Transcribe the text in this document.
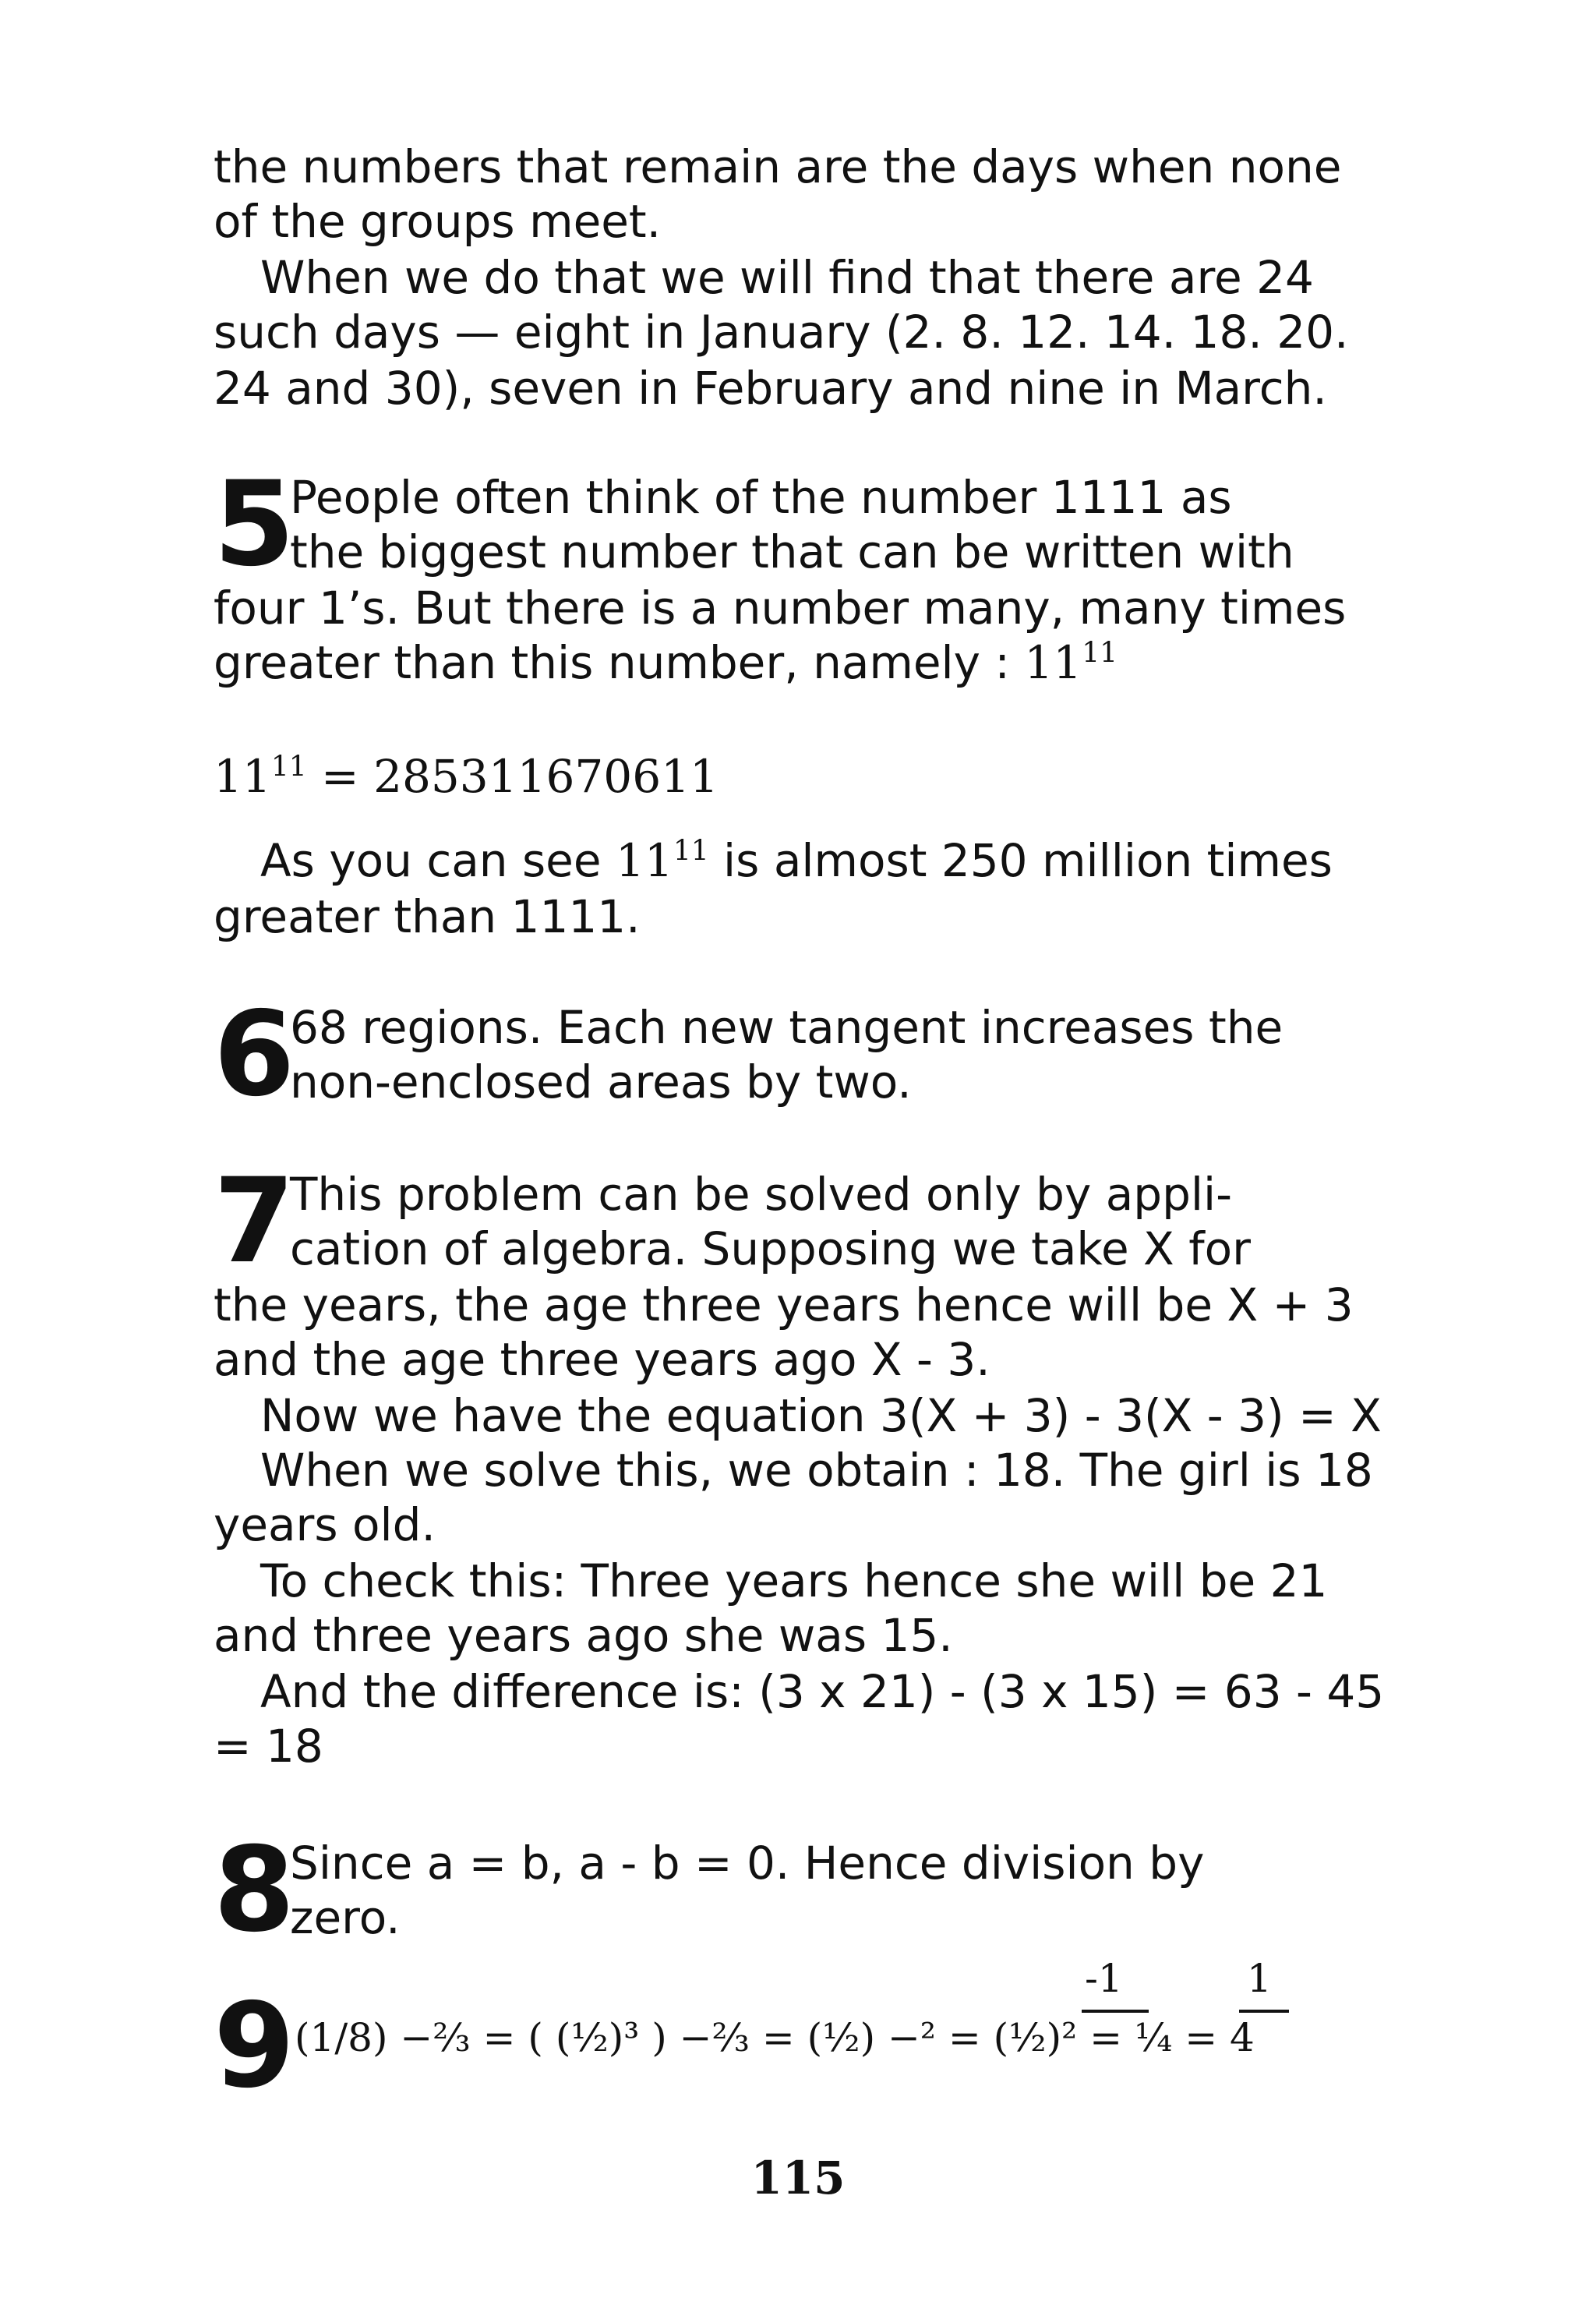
the numbers that remain are the days when none
of the groups meet.
When we do that we will find that there are 24
such days — eight in January (2. 8. 12. 14. 18. 20.
24 and 30), seven in February and nine in March.
5
People often think of the number 1111 as
the biggest number that can be written with
four 1’s. But there is a number many, many times
greater than this number, namely : $11^{11}$
$11^{11} = 285311670611$
As you can see $11^{11}$ is almost 250 million times
greater than 1111.
6
68 regions. Each new tangent increases the
non-enclosed areas by two.
7
This problem can be solved only by appli-
cation of algebra. Supposing we take X for
the years, the age three years hence will be X + 3
and the age three years ago X - 3.
Now we have the equation 3(X + 3) - 3(X - 3) = X
When we solve this, we obtain : 18. The girl is 18
years old.
To check this: Three years hence she will be 21
and three years ago she was 15.
And the difference is: (3 x 21) - (3 x 15) = 63 - 45
= 18
8
Since a = b, a - b = 0. Hence division by
zero.
9	-1	1
(1/8) −⅔ = ( (½)³ ) −⅔ = (½) −² = (½)² = ¼ = 4
115
